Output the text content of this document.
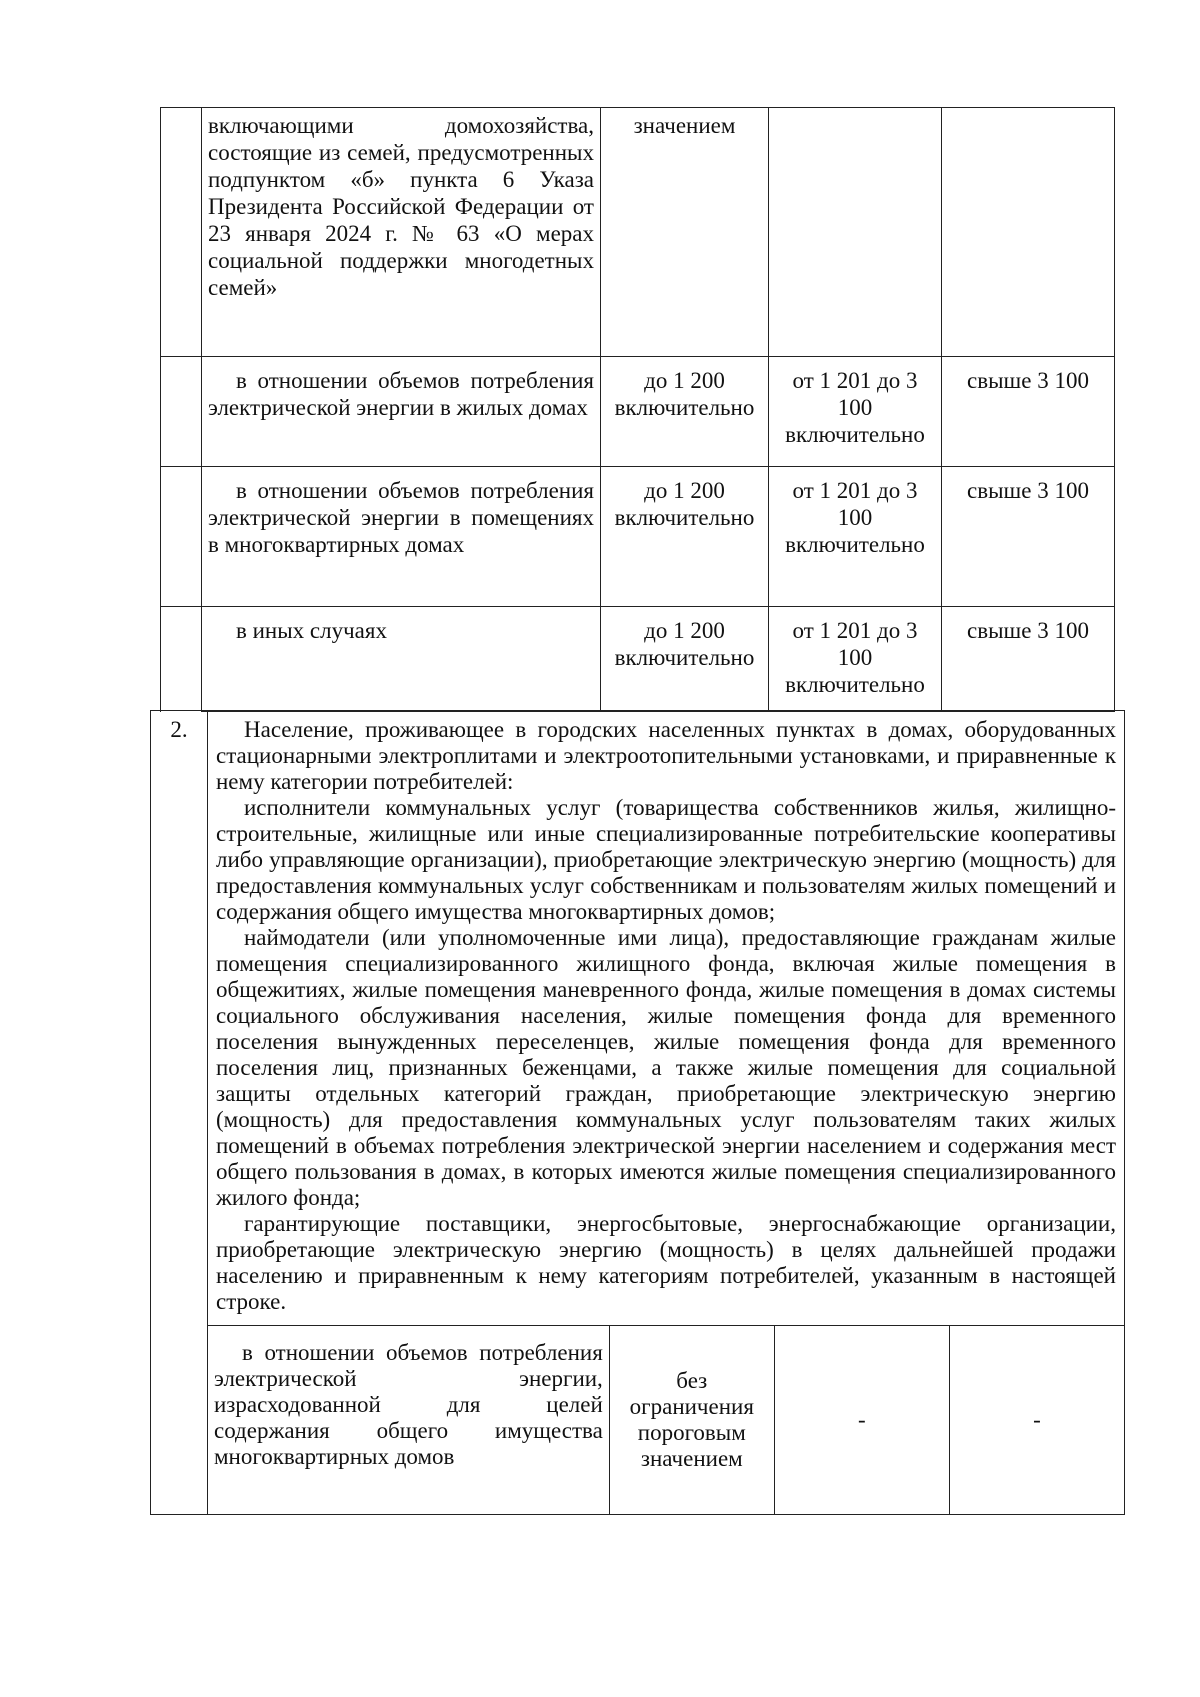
	включающими домохозяйства, состоящие из семей, предусмотренных подпунктом «б» пункта 6 Указа Президента Российской Федерации от 23 января 2024 г. № 63 «О мерах социальной поддержки многодетных семей»	значением		
	в отношении объемов потребления электрической энергии в жилых домах	до 1 200 включительно	от 1 201 до 3 100 включительно	свыше 3 100
	в отношении объемов потребления электрической энергии в помещениях в многоквартирных домах	до 1 200 включительно	от 1 201 до 3 100 включительно	свыше 3 100
	в иных случаях	до 1 200 включительно	от 1 201 до 3 100 включительно	свыше 3 100
2.	Население, проживающее в городских населенных пунктах в домах, оборудованных стационарными электроплитами и электроотопительными установками, и приравненные к нему категории потребителей:

исполнители коммунальных услуг (товарищества собственников жилья, жилищно-строительные, жилищные или иные специализированные потребительские кооперативы либо управляющие организации), приобретающие электрическую энергию (мощность) для предоставления коммунальных услуг собственникам и пользователям жилых помещений и содержания общего имущества многоквартирных домов;

наймодатели (или уполномоченные ими лица), предоставляющие гражданам жилые помещения специализированного жилищного фонда, включая жилые помещения в общежитиях, жилые помещения маневренного фонда, жилые помещения в домах системы социального обслуживания населения, жилые помещения фонда для временного поселения вынужденных переселенцев, жилые помещения фонда для временного поселения лиц, признанных беженцами, а также жилые помещения для социальной защиты отдельных категорий граждан, приобретающие электрическую энергию (мощность) для предоставления коммунальных услуг пользователям таких жилых помещений в объемах потребления электрической энергии населением и содержания мест общего пользования в домах, в которых имеются жилые помещения специализированного жилого фонда;

гарантирующие поставщики, энергосбытовые, энергоснабжающие организации, приобретающие электрическую энергию (мощность) в целях дальнейшей продажи населению и приравненным к нему категориям потребителей, указанным в настоящей строке.			

	в отношении объемов потребления электрической энергии, израсходованной для целей содержания общего имущества многоквартирных домов	без ограничения пороговым значением	-	-
